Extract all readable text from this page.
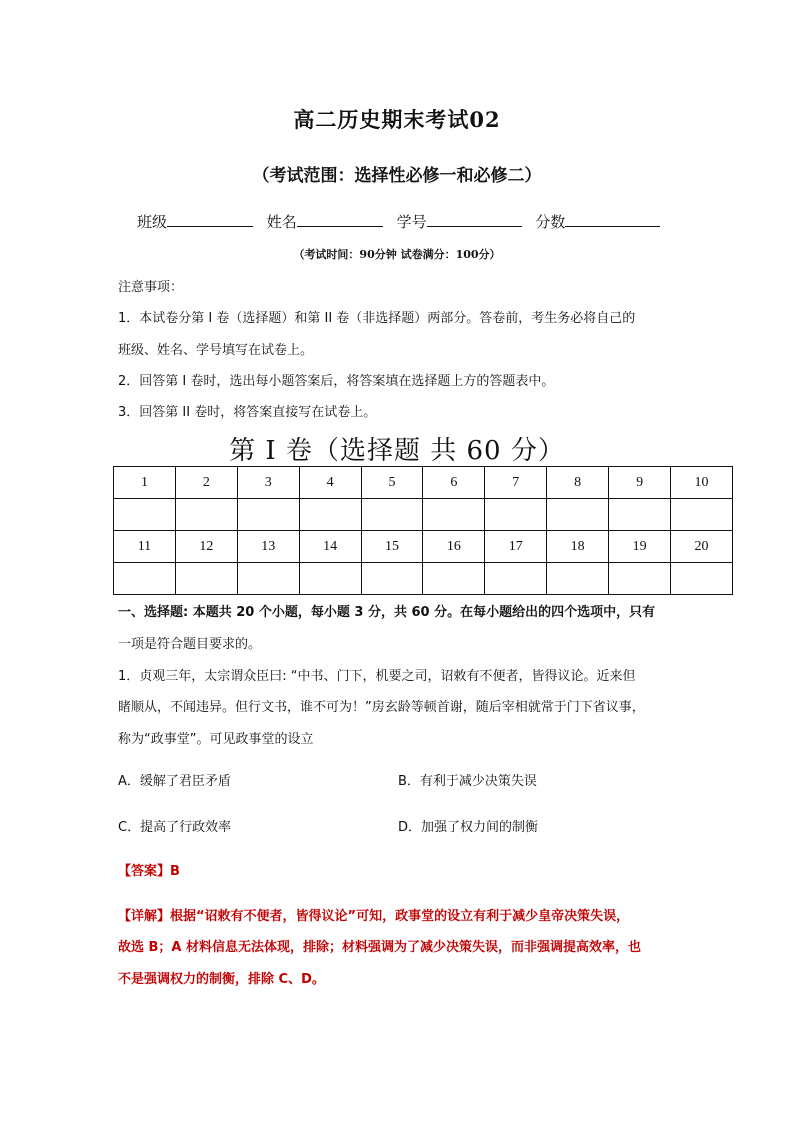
高二历史期末考试02
（考试范围：选择性必修一和必修二）
班级	姓名	学号	分数
（考试时间：90分钟 试卷满分：100分）
注意事项：
1．本试卷分第 I 卷（选择题）和第 II 卷（非选择题）两部分。答卷前，考生务必将自己的
班级、姓名、学号填写在试卷上。
2．回答第 I 卷时，选出每小题答案后，将答案填在选择题上方的答题表中。
3．回答第 II 卷时，将答案直接写在试卷上。
第 I 卷（选择题 共 60 分）
1	2	3	4	5	6	7	8	9	10

11	12	13	14	15	16	17	18	19	20

一、选择题: 本题共 20 个小题，每小题 3 分，共 60 分。在每小题给出的四个选项中，只有
一项是符合题目要求的。
1．贞观三年，太宗谓众臣曰: “中书、门下，机要之司，诏敕有不便者，皆得议论。近来但
睹顺从，不闻违异。但行文书，谁不可为！”房玄龄等顿首谢，随后宰相就常于门下省议事，
称为“政事堂”。可见政事堂的设立
A．缓解了君臣矛盾	B．有利于减少决策失误
C．提高了行政效率	D．加强了权力间的制衡
【答案】B
【详解】根据“诏敕有不便者，皆得议论”可知，政事堂的设立有利于减少皇帝决策失误，
故选 B；A 材料信息无法体现，排除；材料强调为了减少决策失误，而非强调提高效率，也
不是强调权力的制衡，排除 C、D。
